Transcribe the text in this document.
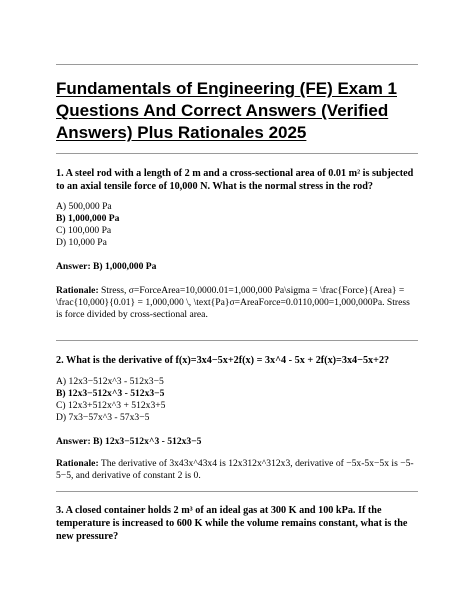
Fundamentals of Engineering (FE) Exam 1
Questions And Correct Answers (Verified
Answers) Plus Rationales 2025

1. A steel rod with a length of 2 m and a cross-sectional area of 0.01 m² is subjected to an axial tensile force of 10,000 N. What is the normal stress in the rod?

A) 500,000 Pa
B) 1,000,000 Pa
C) 100,000 Pa
D) 10,000 Pa

Answer: B) 1,000,000 Pa

Rationale: Stress, σ=ForceArea=10,0000.01=1,000,000 Pa\sigma = \frac{Force}{Area} = \frac{10,000}{0.01} = 1,000,000 \, \text{Pa}σ=AreaForce=0.0110,000=1,000,000Pa. Stress is force divided by cross-sectional area.

2. What is the derivative of f(x)=3x4−5x+2f(x) = 3x^4 - 5x + 2f(x)=3x4−5x+2?

A) 12x3−512x^3 - 512x3−5
B) 12x3−512x^3 - 512x3−5
C) 12x3+512x^3 + 512x3+5
D) 7x3−57x^3 - 57x3−5

Answer: B) 12x3−512x^3 - 512x3−5

Rationale: The derivative of 3x43x^43x4 is 12x312x^312x3, derivative of −5x-5x−5x is −5-5−5, and derivative of constant 2 is 0.

3. A closed container holds 2 m³ of an ideal gas at 300 K and 100 kPa. If the temperature is increased to 600 K while the volume remains constant, what is the new pressure?
